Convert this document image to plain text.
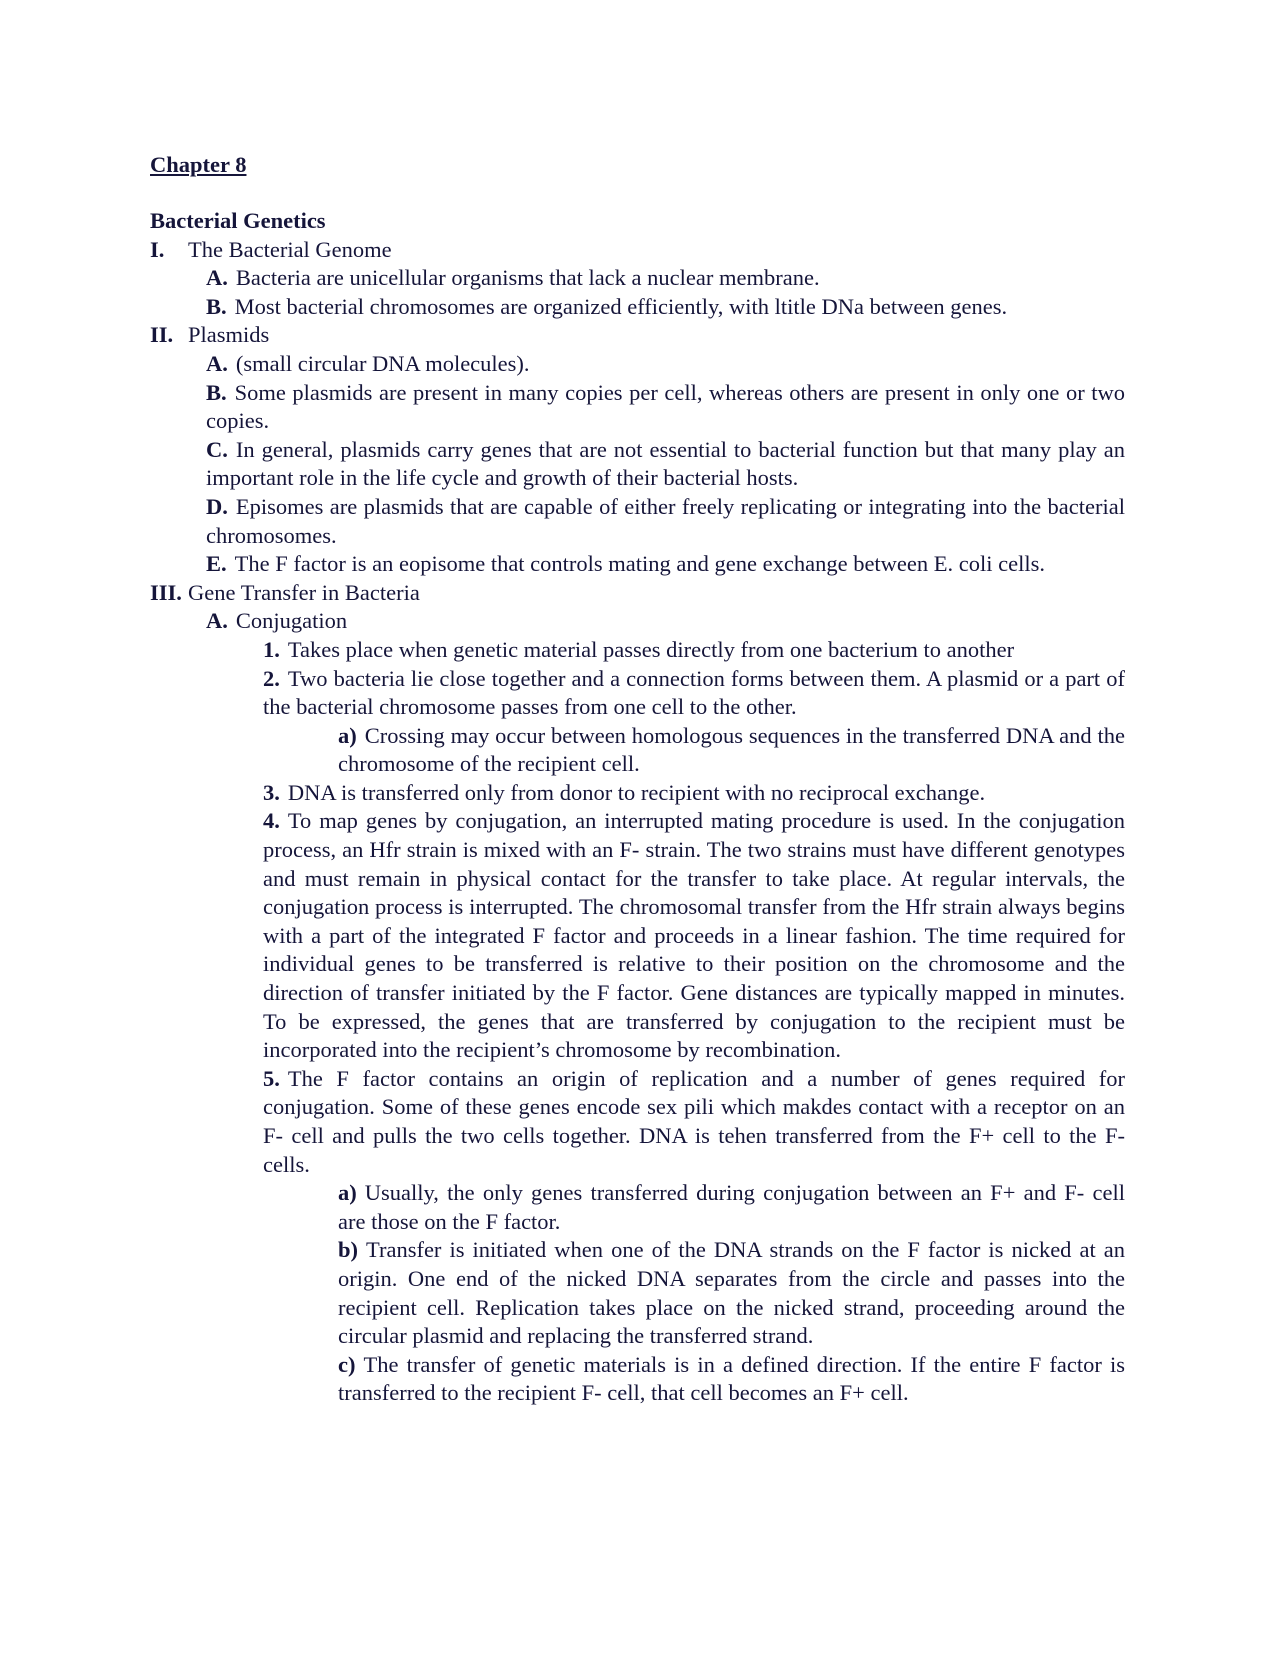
Chapter 8
Bacterial Genetics
I. The Bacterial Genome
A. Bacteria are unicellular organisms that lack a nuclear membrane.
B. Most bacterial chromosomes are organized efficiently, with ltitle DNa between genes.
II. Plasmids
A. (small circular DNA molecules).
B. Some plasmids are present in many copies per cell, whereas others are present in only one or two copies.
C. In general, plasmids carry genes that are not essential to bacterial function but that many play an important role in the life cycle and growth of their bacterial hosts.
D. Episomes are plasmids that are capable of either freely replicating or integrating into the bacterial chromosomes.
E. The F factor is an eopisome that controls mating and gene exchange between E. coli cells.
III. Gene Transfer in Bacteria
A. Conjugation
1. Takes place when genetic material passes directly from one bacterium to another
2. Two bacteria lie close together and a connection forms between them. A plasmid or a part of the bacterial chromosome passes from one cell to the other.
a) Crossing may occur between homologous sequences in the transferred DNA and the chromosome of the recipient cell.
3. DNA is transferred only from donor to recipient with no reciprocal exchange.
4. To map genes by conjugation, an interrupted mating procedure is used. In the conjugation process, an Hfr strain is mixed with an F- strain. The two strains must have different genotypes and must remain in physical contact for the transfer to take place. At regular intervals, the conjugation process is interrupted. The chromosomal transfer from the Hfr strain always begins with a part of the integrated F factor and proceeds in a linear fashion. The time required for individual genes to be transferred is relative to their position on the chromosome and the direction of transfer initiated by the F factor. Gene distances are typically mapped in minutes. To be expressed, the genes that are transferred by conjugation to the recipient must be incorporated into the recipient’s chromosome by recombination.
5. The F factor contains an origin of replication and a number of genes required for conjugation. Some of these genes encode sex pili which makdes contact with a receptor on an F- cell and pulls the two cells together. DNA is tehen transferred from the F+ cell to the F- cells.
a) Usually, the only genes transferred during conjugation between an F+ and F- cell are those on the F factor.
b) Transfer is initiated when one of the DNA strands on the F factor is nicked at an origin. One end of the nicked DNA separates from the circle and passes into the recipient cell. Replication takes place on the nicked strand, proceeding around the circular plasmid and replacing the transferred strand.
c) The transfer of genetic materials is in a defined direction. If the entire F factor is transferred to the recipient F- cell, that cell becomes an F+ cell.
